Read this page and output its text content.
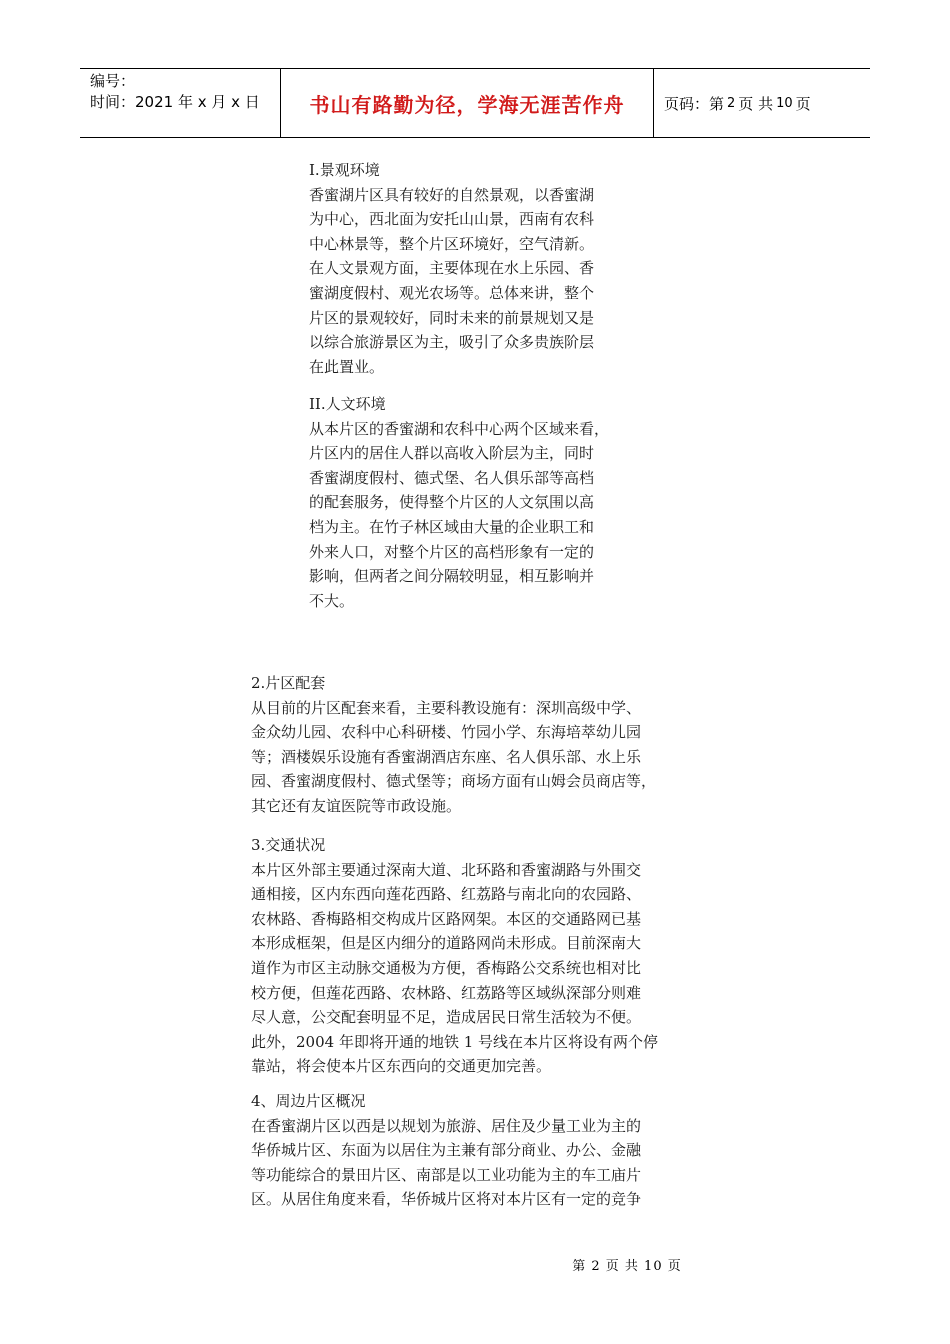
编号：
时间：2021 年 x 月 x 日	书山有路勤为径，学海无涯苦作舟	页码：第 2 页 共 10 页

I.景观环境

香蜜湖片区具有较好的自然景观，以香蜜湖

为中心，西北面为安托山山景，西南有农科

中心林景等，整个片区环境好，空气清新。

在人文景观方面，主要体现在水上乐园、香

蜜湖度假村、观光农场等。总体来讲，整个

片区的景观较好，同时未来的前景规划又是

以综合旅游景区为主，吸引了众多贵族阶层

在此置业。

II.人文环境

从本片区的香蜜湖和农科中心两个区域来看，

片区内的居住人群以高收入阶层为主，同时

香蜜湖度假村、德式堡、名人俱乐部等高档

的配套服务，使得整个片区的人文氛围以高

档为主。在竹子林区域由大量的企业职工和

外来人口，对整个片区的高档形象有一定的

影响，但两者之间分隔较明显，相互影响并

不大。

2.片区配套

从目前的片区配套来看，主要科教设施有：深圳高级中学、

金众幼儿园、农科中心科研楼、竹园小学、东海培萃幼儿园

等；酒楼娱乐设施有香蜜湖酒店东座、名人俱乐部、水上乐

园、香蜜湖度假村、德式堡等；商场方面有山姆会员商店等，

其它还有友谊医院等市政设施。

3.交通状况

本片区外部主要通过深南大道、北环路和香蜜湖路与外围交

通相接，区内东西向莲花西路、红荔路与南北向的农园路、

农林路、香梅路相交构成片区路网架。本区的交通路网已基

本形成框架，但是区内细分的道路网尚未形成。目前深南大

道作为市区主动脉交通极为方便，香梅路公交系统也相对比

校方便，但莲花西路、农林路、红荔路等区域纵深部分则难

尽人意，公交配套明显不足，造成居民日常生活较为不便。

此外，2004 年即将开通的地铁 1 号线在本片区将设有两个停

靠站，将会使本片区东西向的交通更加完善。

4、周边片区概况

在香蜜湖片区以西是以规划为旅游、居住及少量工业为主的

华侨城片区、东面为以居住为主兼有部分商业、办公、金融

等功能综合的景田片区、南部是以工业功能为主的车工庙片

区。从居住角度来看，华侨城片区将对本片区有一定的竞争

第 2 页 共 10 页
